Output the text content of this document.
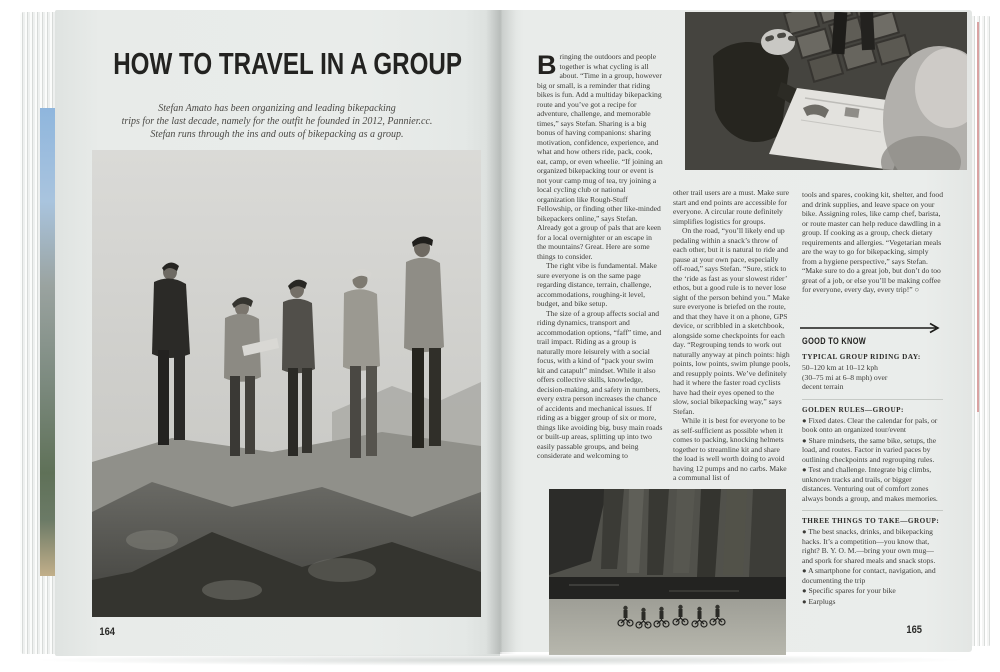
HOW TO TRAVEL IN A GROUP
Stefan Amato has been organizing and leading bikepacking
trips for the last decade, namely for the outfit he founded in 2012, Pannier.cc.
Stefan runs through the ins and outs of bikepacking as a group.
164

Bringing the outdoors and people together is what cycling is all about. “Time in a group, however big or small, is a reminder that riding bikes is fun. Add a multiday bikepacking route and you’ve got a recipe for adventure, challenge, and memorable times,” says Stefan. Sharing is a big bonus of having companions: sharing motivation, confidence, experience, and what and how others ride, pack, cook, eat, camp, or even wheelie. “If joining an organized bikepacking tour or event is not your camp mug of tea, try joining a local cycling club or national organization like Rough-Stuff Fellowship, or finding other like-minded bikepackers online,” says Stefan. Already got a group of pals that are keen for a local overnighter or an escape in the mountains? Great. Here are some things to consider.

The right vibe is fundamental. Make sure everyone is on the same page regarding distance, terrain, challenge, accommodations, roughing-it level, budget, and bike setup.

The size of a group affects social and riding dynamics, transport and accommodation options, “faff” time, and trail impact. Riding as a group is naturally more leisurely with a social focus, with a kind of “pack your swim kit and catapult” mindset. While it also offers collective skills, knowledge, decision-making, and safety in numbers, every extra person increases the chance of accidents and mechanical issues. If riding as a bigger group of six or more, things like avoiding big, busy main roads or built-up areas, splitting up into two easily passable groups, and being considerate and welcoming to

other trail users are a must. Make sure start and end points are accessible for everyone. A circular route definitely simplifies logistics for groups.

On the road, “you’ll likely end up pedaling within a snack’s throw of each other, but it is natural to ride and pause at your own pace, especially off-road,” says Stefan. “Sure, stick to the ‘ride as fast as your slowest rider’ ethos, but a good rule is to never lose sight of the person behind you.” Make sure everyone is briefed on the route, and that they have it on a phone, GPS device, or scribbled in a sketchbook, alongside some checkpoints for each day. “Regrouping tends to work out naturally anyway at pinch points: high points, low points, swim plunge pools, and resupply points. We’ve definitely had it where the faster road cyclists have had their eyes opened to the slow, social bikepacking way,” says Stefan.

While it is best for everyone to be as self-sufficient as possible when it comes to packing, knocking helmets together to streamline kit and share the load is well worth doing to avoid having 12 pumps and no carbs. Make a communal list of

tools and spares, cooking kit, shelter, and food and drink supplies, and leave space on your bike. Assigning roles, like camp chef, barista, or route master can help reduce dawdling in a group. If cooking as a group, check dietary requirements and allergies. “Vegetarian meals are the way to go for bikepacking, simply from a hygiene perspective,” says Stefan. “Make sure to do a great job, but don’t do too great of a job, or else you’ll be making coffee for everyone, every day, every trip!” ○

GOOD TO KNOW
TYPICAL GROUP RIDING DAY:
50–120 km at 10–12 kph
(30–75 mi at 6–8 mph) over
decent terrain
GOLDEN RULES—GROUP:

● Fixed dates. Clear the calendar for pals, or book onto an organized tour/event

● Share mindsets, the same bike, setups, the load, and routes. Factor in varied paces by outlining checkpoints and regrouping rules.

● Test and challenge. Integrate big climbs, unknown tracks and trails, or bigger distances. Venturing out of comfort zones always bonds a group, and makes memories.

THREE THINGS TO TAKE—GROUP:

● The best snacks, drinks, and bikepacking hacks. It’s a competition—you know that, right? B. Y. O. M.—bring your own mug—and spork for shared meals and snack stops.

● A smartphone for contact, navigation, and documenting the trip

● Specific spares for your bike

● Earplugs

165
